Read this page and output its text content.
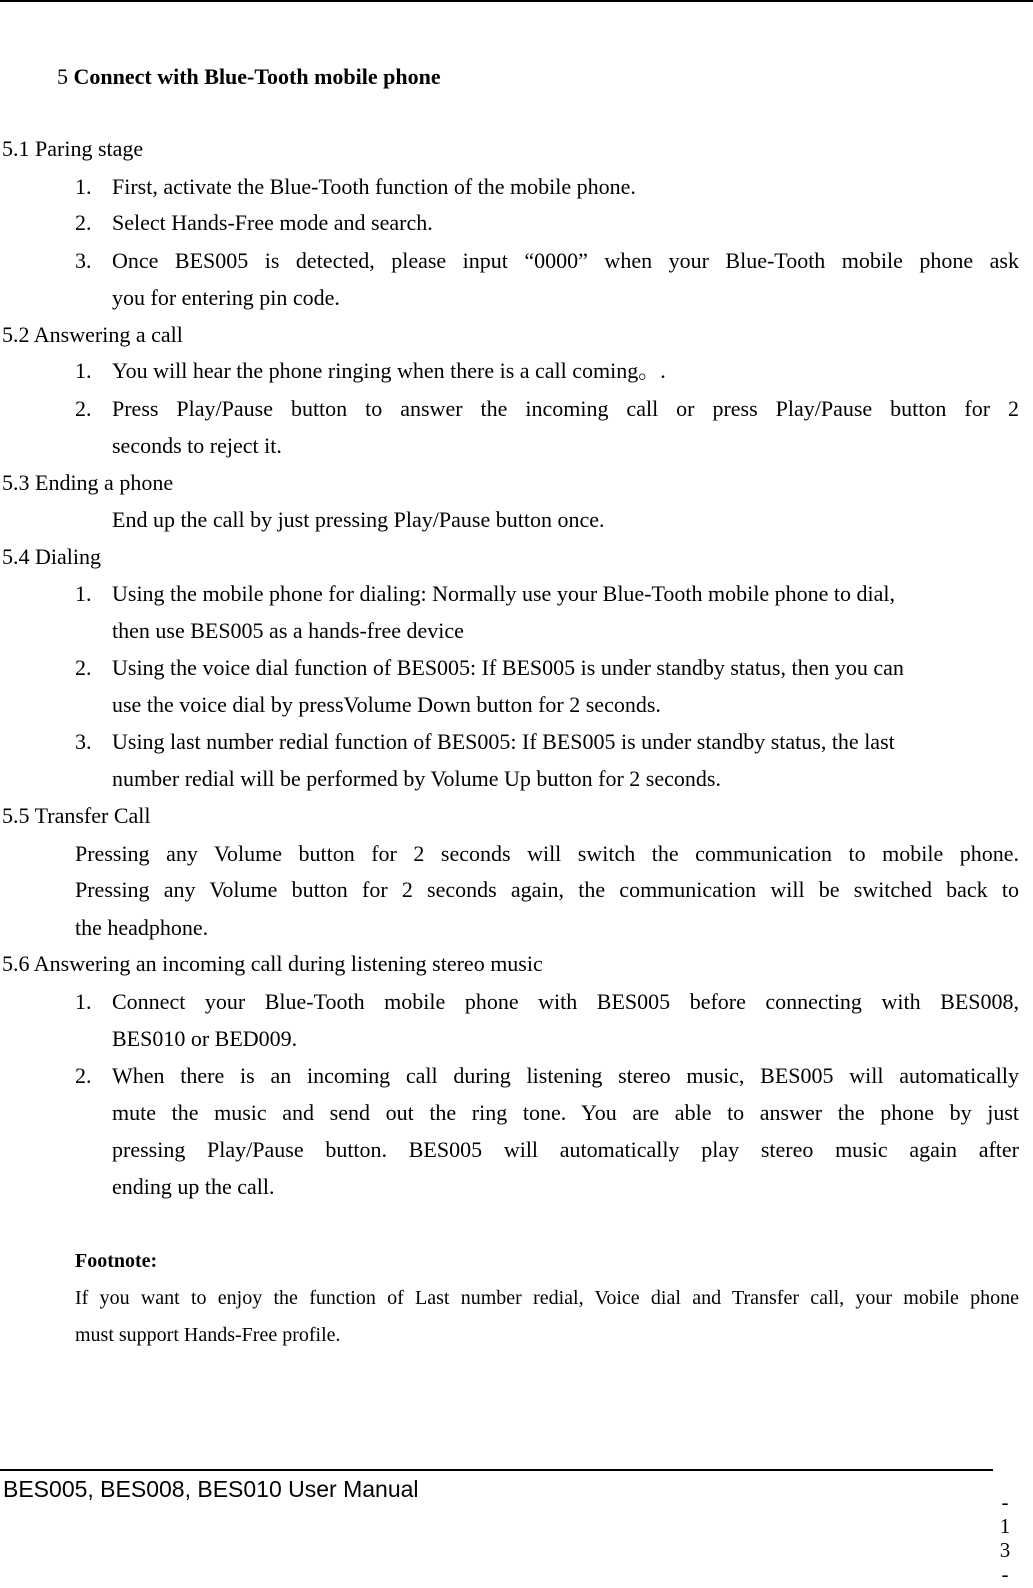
5 Connect with Blue-Tooth mobile phone
5.1 Paring stage
1. First, activate the Blue-Tooth function of the mobile phone.
2. Select Hands-Free mode and search.
3. Once BES005 is detected, please input “0000” when your Blue-Tooth mobile phone ask
you for entering pin code.
5.2 Answering a call
1. You will hear the phone ringing when there is a call coming。.
2. Press Play/Pause button to answer the incoming call or press Play/Pause button for 2
seconds to reject it.
5.3 Ending a phone
End up the call by just pressing Play/Pause button once.
5.4 Dialing
1. Using the mobile phone for dialing: Normally use your Blue-Tooth mobile phone to dial,
then use BES005 as a hands-free device
2. Using the voice dial function of BES005: If BES005 is under standby status, then you can
use the voice dial by pressVolume Down button for 2 seconds.
3. Using last number redial function of BES005: If BES005 is under standby status, the last
number redial will be performed by Volume Up button for 2 seconds.
5.5 Transfer Call
Pressing any Volume button for 2 seconds will switch the communication to mobile phone.
Pressing any Volume button for 2 seconds again, the communication will be switched back to
the headphone.
5.6 Answering an incoming call during listening stereo music
1. Connect your Blue-Tooth mobile phone with BES005 before connecting with BES008,
BES010 or BED009.
2. When there is an incoming call during listening stereo music, BES005 will automatically
mute the music and send out the ring tone. You are able to answer the phone by just
pressing Play/Pause button. BES005 will automatically play stereo music again after
ending up the call.
Footnote:
If you want to enjoy the function of Last number redial, Voice dial and Transfer call, your mobile phone
must support Hands-Free profile.
BES005, BES008, BES010 User Manual	-
1
3
-
